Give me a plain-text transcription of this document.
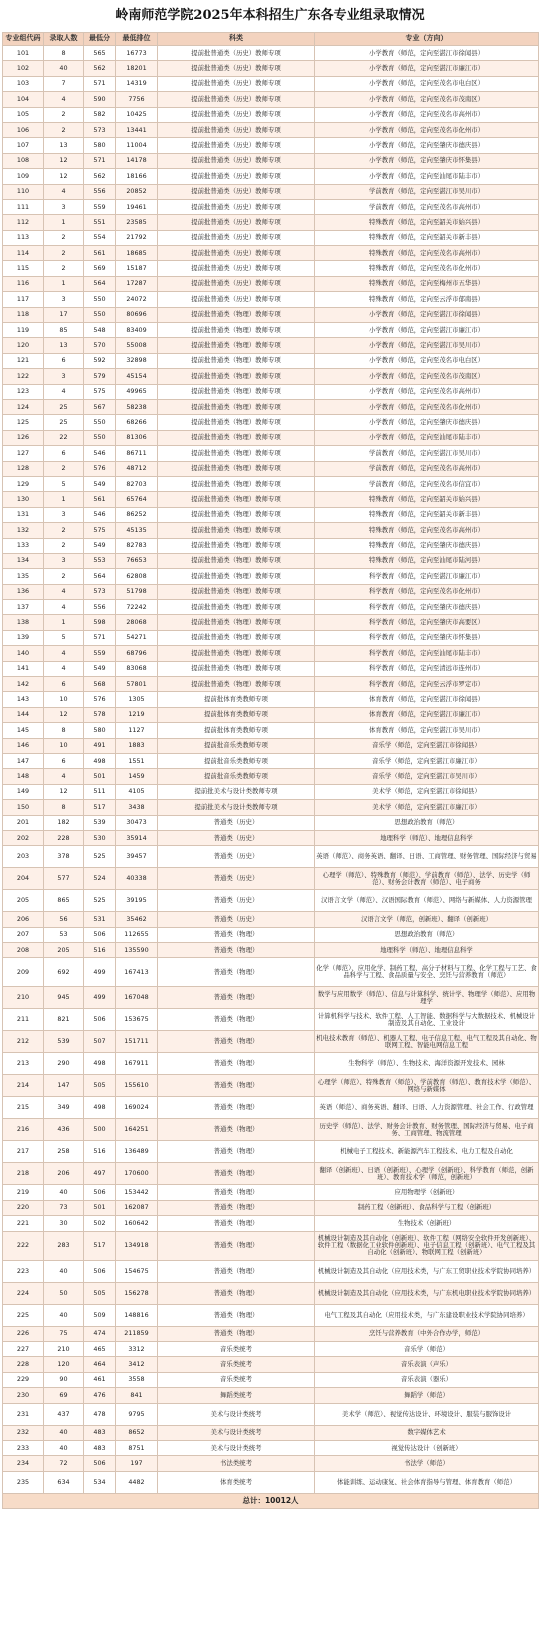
岭南师范学院2025年本科招生广东各专业组录取情况
专业组代码	录取人数	最低分	最低排位	科类	专业（方向）
101	8	565	16773	提前批普通类（历史）教师专项	小学教育（师范，定向至湛江市徐闻县）
102	40	562	18201	提前批普通类（历史）教师专项	小学教育（师范，定向至湛江市廉江市）
103	7	571	14319	提前批普通类（历史）教师专项	小学教育（师范，定向至茂名市电白区）
104	4	590	7756	提前批普通类（历史）教师专项	小学教育（师范，定向至茂名市茂南区）
105	2	582	10425	提前批普通类（历史）教师专项	小学教育（师范，定向至茂名市高州市）
106	2	573	13441	提前批普通类（历史）教师专项	小学教育（师范，定向至茂名市化州市）
107	13	580	11004	提前批普通类（历史）教师专项	小学教育（师范，定向至肇庆市德庆县）
108	12	571	14178	提前批普通类（历史）教师专项	小学教育（师范，定向至肇庆市怀集县）
109	12	562	18166	提前批普通类（历史）教师专项	小学教育（师范，定向至汕尾市陆丰市）
110	4	556	20852	提前批普通类（历史）教师专项	学前教育（师范，定向至湛江市吴川市）
111	3	559	19461	提前批普通类（历史）教师专项	学前教育（师范，定向至茂名市高州市）
112	1	551	23585	提前批普通类（历史）教师专项	特殊教育（师范，定向至韶关市始兴县）
113	2	554	21792	提前批普通类（历史）教师专项	特殊教育（师范，定向至韶关市新丰县）
114	2	561	18685	提前批普通类（历史）教师专项	特殊教育（师范，定向至茂名市高州市）
115	2	569	15187	提前批普通类（历史）教师专项	特殊教育（师范，定向至茂名市化州市）
116	1	564	17287	提前批普通类（历史）教师专项	特殊教育（师范，定向至梅州市五华县）
117	3	550	24072	提前批普通类（历史）教师专项	特殊教育（师范，定向至云浮市郁南县）
118	17	550	80696	提前批普通类（物理）教师专项	小学教育（师范，定向至湛江市徐闻县）
119	85	548	83409	提前批普通类（物理）教师专项	小学教育（师范，定向至湛江市廉江市）
120	13	570	55008	提前批普通类（物理）教师专项	小学教育（师范，定向至湛江市吴川市）
121	6	592	32898	提前批普通类（物理）教师专项	小学教育（师范，定向至茂名市电白区）
122	3	579	45154	提前批普通类（物理）教师专项	小学教育（师范，定向至茂名市茂南区）
123	4	575	49965	提前批普通类（物理）教师专项	小学教育（师范，定向至茂名市高州市）
124	25	567	58238	提前批普通类（物理）教师专项	小学教育（师范，定向至茂名市化州市）
125	25	550	68266	提前批普通类（物理）教师专项	小学教育（师范，定向至肇庆市德庆县）
126	22	550	81306	提前批普通类（物理）教师专项	小学教育（师范，定向至汕尾市陆丰市）
127	6	546	86711	提前批普通类（物理）教师专项	学前教育（师范，定向至湛江市吴川市）
128	2	576	48712	提前批普通类（物理）教师专项	学前教育（师范，定向至茂名市高州市）
129	5	549	82703	提前批普通类（物理）教师专项	学前教育（师范，定向至茂名市信宜市）
130	1	561	65764	提前批普通类（物理）教师专项	特殊教育（师范，定向至韶关市始兴县）
131	3	546	86252	提前批普通类（物理）教师专项	特殊教育（师范，定向至韶关市新丰县）
132	2	575	45135	提前批普通类（物理）教师专项	特殊教育（师范，定向至茂名市高州市）
133	2	549	82783	提前批普通类（物理）教师专项	特殊教育（师范，定向至肇庆市德庆县）
134	3	553	76653	提前批普通类（物理）教师专项	特殊教育（师范，定向至汕尾市陆河县）
135	2	564	62808	提前批普通类（物理）教师专项	科学教育（师范，定向至湛江市廉江市）
136	4	573	51798	提前批普通类（物理）教师专项	科学教育（师范，定向至茂名市化州市）
137	4	556	72242	提前批普通类（物理）教师专项	科学教育（师范，定向至肇庆市德庆县）
138	1	598	28068	提前批普通类（物理）教师专项	科学教育（师范，定向至肇庆市高要区）
139	5	571	54271	提前批普通类（物理）教师专项	科学教育（师范，定向至肇庆市怀集县）
140	4	559	68796	提前批普通类（物理）教师专项	科学教育（师范，定向至汕尾市陆丰市）
141	4	549	83068	提前批普通类（物理）教师专项	科学教育（师范，定向至清远市连州市）
142	6	568	57801	提前批普通类（物理）教师专项	科学教育（师范，定向至云浮市罗定市）
143	10	576	1305	提前批体育类教师专项	体育教育（师范，定向至湛江市徐闻县）
144	12	578	1219	提前批体育类教师专项	体育教育（师范，定向至湛江市廉江市）
145	8	580	1127	提前批体育类教师专项	体育教育（师范，定向至湛江市吴川市）
146	10	491	1883	提前批音乐类教师专项	音乐学（师范，定向至湛江市徐闻县）
147	6	498	1551	提前批音乐类教师专项	音乐学（师范，定向至湛江市廉江市）
148	4	501	1459	提前批音乐类教师专项	音乐学（师范，定向至湛江市吴川市）
149	12	511	4105	提前批美术与设计类教师专项	美术学（师范，定向至湛江市徐闻县）
150	8	517	3438	提前批美术与设计类教师专项	美术学（师范，定向至湛江市廉江市）
201	182	539	30473	普通类（历史）	思想政治教育（师范）
202	228	530	35914	普通类（历史）	地理科学（师范）、地理信息科学
203	378	525	39457	普通类（历史）	英语（师范）、商务英语、翻译、日语、工商管理、财务管理、国际经济与贸易
204	577	524	40338	普通类（历史）	心理学（师范）、特殊教育（师范）、学前教育（师范）、法学、历史学（师范）、财务会计教育（师范）、电子商务
205	865	525	39195	普通类（历史）	汉语言文学（师范）、汉语国际教育（师范）、网络与新媒体、人力资源管理
206	56	531	35462	普通类（历史）	汉语言文学（师范，创新班）、翻译（创新班）
207	53	506	112655	普通类（物理）	思想政治教育（师范）
208	205	516	135590	普通类（物理）	地理科学（师范）、地理信息科学
209	692	499	167413	普通类（物理）	化学（师范）、应用化学、制药工程、高分子材料与工程、化学工程与工艺、食品科学与工程、食品质量与安全、烹饪与营养教育（师范）
210	945	499	167048	普通类（物理）	数学与应用数学（师范）、信息与计算科学、统计学、物理学（师范）、应用物理学
211	821	506	153675	普通类（物理）	计算机科学与技术、软件工程、人工智能、数据科学与大数据技术、机械设计制造及其自动化、工业设计
212	539	507	151711	普通类（物理）	机电技术教育（师范）、机器人工程、电子信息工程、电气工程及其自动化、物联网工程、智能电网信息工程
213	290	498	167911	普通类（物理）	生物科学（师范）、生物技术、海洋资源开发技术、园林
214	147	505	155610	普通类（物理）	心理学（师范）、特殊教育（师范）、学前教育（师范）、教育技术学（师范）、网络与新媒体
215	349	498	169024	普通类（物理）	英语（师范）、商务英语、翻译、日语、人力资源管理、社会工作、行政管理
216	436	500	164251	普通类（物理）	历史学（师范）、法学、财务会计教育、财务管理、国际经济与贸易、电子商务、工商管理、物流管理
217	258	516	136489	普通类（物理）	机械电子工程技术、新能源汽车工程技术、电力工程及自动化
218	206	497	170600	普通类（物理）	翻译（创新班）、日语（创新班）、心理学（创新班）、科学教育（师范，创新班）、教育技术学（师范，创新班）
219	40	506	153442	普通类（物理）	应用物理学（创新班）
220	73	501	162087	普通类（物理）	制药工程（创新班）、食品科学与工程（创新班）
221	30	502	160642	普通类（物理）	生物技术（创新班）
222	283	517	134918	普通类（物理）	机械设计制造及其自动化（创新班）、软件工程（网络安全软件开发创新班）、软件工程（数据化工业软件创新班）、电子信息工程（创新班）、电气工程及其自动化（创新班）、物联网工程（创新班）
223	40	506	154675	普通类（物理）	机械设计制造及其自动化（应用技术类，与广东工贸职业技术学院协同培养）
224	50	505	156278	普通类（物理）	机械设计制造及其自动化（应用技术类，与广东机电职业技术学院协同培养）
225	40	509	148816	普通类（物理）	电气工程及其自动化（应用技术类，与广东建设职业技术学院协同培养）
226	75	474	211859	普通类（物理）	烹饪与营养教育（中外合作办学，师范）
227	210	465	3312	音乐类统考	音乐学（师范）
228	120	464	3412	音乐类统考	音乐表演（声乐）
229	90	461	3558	音乐类统考	音乐表演（器乐）
230	69	476	841	舞蹈类统考	舞蹈学（师范）
231	437	478	9795	美术与设计类统考	美术学（师范）、视觉传达设计、环境设计、服装与服饰设计
232	40	483	8652	美术与设计类统考	数字媒体艺术
233	40	483	8751	美术与设计类统考	视觉传达设计（创新班）
234	72	506	197	书法类统考	书法学（师范）
235	634	534	4482	体育类统考	体能训练、运动康复、社会体育指导与管理、体育教育（师范）
总计：10012人					
